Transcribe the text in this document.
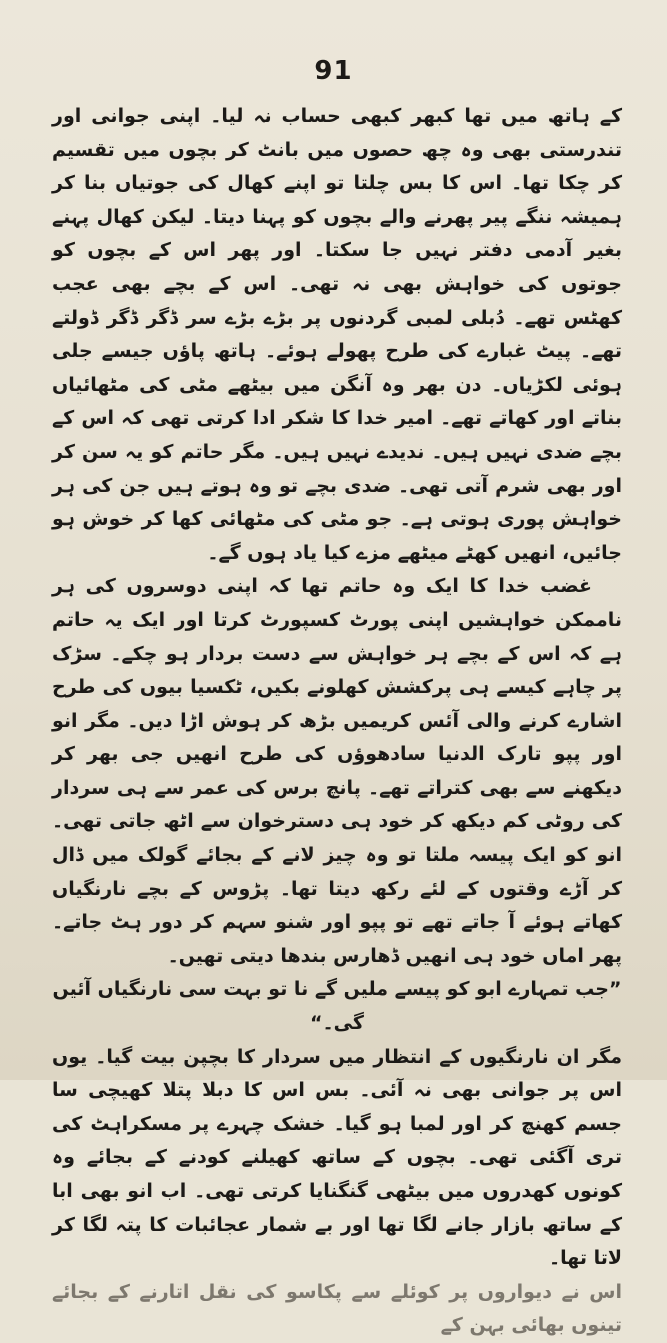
91

کے ہاتھ میں تھا کبھر کبھی حساب نہ لیا۔ اپنی جوانی اور تندرستی بھی وہ چھ حصوں میں بانٹ کر بچوں میں تقسیم کر چکا تھا۔ اس کا بس چلتا تو اپنے کھال کی جوتیاں بنا کر ہمیشہ ننگے پیر پھرنے والے بچوں کو پہنا دیتا۔ لیکن کھال پہنے بغیر آدمی دفتر نہیں جا سکتا۔ اور پھر اس کے بچوں کو جوتوں کی خواہش بھی نہ تھی۔ اس کے بچے بھی عجب کھٹس تھے۔ دُبلی لمبی گردنوں پر بڑے بڑے سر ڈگر ڈگر ڈولتے تھے۔ پیٹ غبارے کی طرح پھولے ہوئے۔ ہاتھ پاؤں جیسے جلی ہوئی لکڑیاں۔ دن بھر وہ آنگن میں بیٹھے مٹی کی مٹھائیاں بناتے اور کھاتے تھے۔ امیر خدا کا شکر ادا کرتی تھی کہ اس کے بچے ضدی نہیں ہیں۔ ندیدے نہیں ہیں۔ مگر حاتم کو یہ سن کر اور بھی شرم آتی تھی۔ ضدی بچے تو وہ ہوتے ہیں جن کی ہر خواہش پوری ہوتی ہے۔ جو مٹی کی مٹھائی کھا کر خوش ہو جائیں، انھیں کھٹے میٹھے مزے کیا یاد ہوں گے۔

غضب خدا کا ایک وہ حاتم تھا کہ اپنی دوسروں کی ہر ناممکن خواہشیں اپنی پورٹ کسپورٹ کرتا اور ایک یہ حاتم ہے کہ اس کے بچے ہر خواہش سے دست بردار ہو چکے۔ سڑک پر چاہے کیسے ہی پرکشش کھلونے بکیں، ٹکسیا بیوں کی طرح اشارے کرنے والی آئس کریمیں بڑھ کر ہوش اڑا دیں۔ مگر انو اور پپو تارک الدنیا سادھوؤں کی طرح انھیں جی بھر کر دیکھنے سے بھی کتراتے تھے۔ پانچ برس کی عمر سے ہی سردار کی روٹی کم دیکھ کر خود ہی دسترخوان سے اٹھ جاتی تھی۔ انو کو ایک پیسہ ملتا تو وہ چیز لانے کے بجائے گولک میں ڈال کر آڑے وقتوں کے لئے رکھ دیتا تھا۔ پڑوس کے بچے نارنگیاں کھاتے ہوئے آ جاتے تھے تو پپو اور شنو سہم کر دور ہٹ جاتے۔ پھر اماں خود ہی انھیں ڈھارس بندھا دیتی تھیں۔

”جب تمہارے ابو کو پیسے ملیں گے نا تو بہت سی نارنگیاں آئیں گی۔“

مگر ان نارنگیوں کے انتظار میں سردار کا بچپن بیت گیا۔ یوں اس پر جوانی بھی نہ آئی۔ بس اس کا دبلا پتلا کھیچی سا جسم کھنچ کر اور لمبا ہو گیا۔ خشک چہرے پر مسکراہٹ کی تری آگئی تھی۔ بچوں کے ساتھ کھیلنے کودنے کے بجائے وہ کونوں کھدروں میں بیٹھی گنگنایا کرتی تھی۔ اب انو بھی ابا کے ساتھ بازار جانے لگا تھا اور بے شمار عجائبات کا پتہ لگا کر لاتا تھا۔

اس نے دیواروں پر کوئلے سے پکاسو کی نقل اتارنے کے بجائے تینوں بھائی بہن کے
